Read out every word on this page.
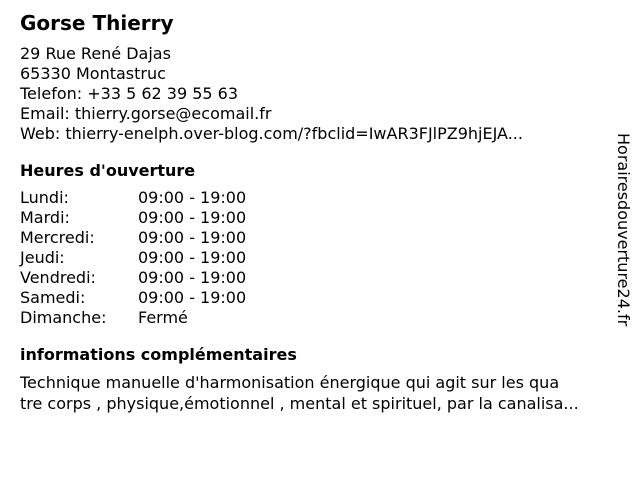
Gorse Thierry
29 Rue René Dajas
65330 Montastruc
Telefon: +33 5 62 39 55 63
Email: thierry.gorse@ecomail.fr
Web: thierry-enelph.over-blog.com/?fbclid=IwAR3FJlPZ9hjEJA...
Heures d'ouverture
Lundi:	09:00 - 19:00
Mardi:	09:00 - 19:00
Mercredi:	09:00 - 19:00
Jeudi:	09:00 - 19:00
Vendredi:	09:00 - 19:00
Samedi:	09:00 - 19:00
Dimanche: Fermé
informations complémentaires
Technique manuelle d'harmonisation énergique qui agit sur les qua
tre corps , physique,émotionnel , mental et spirituel, par la canalisa...
Horairesdouverture24.fr
